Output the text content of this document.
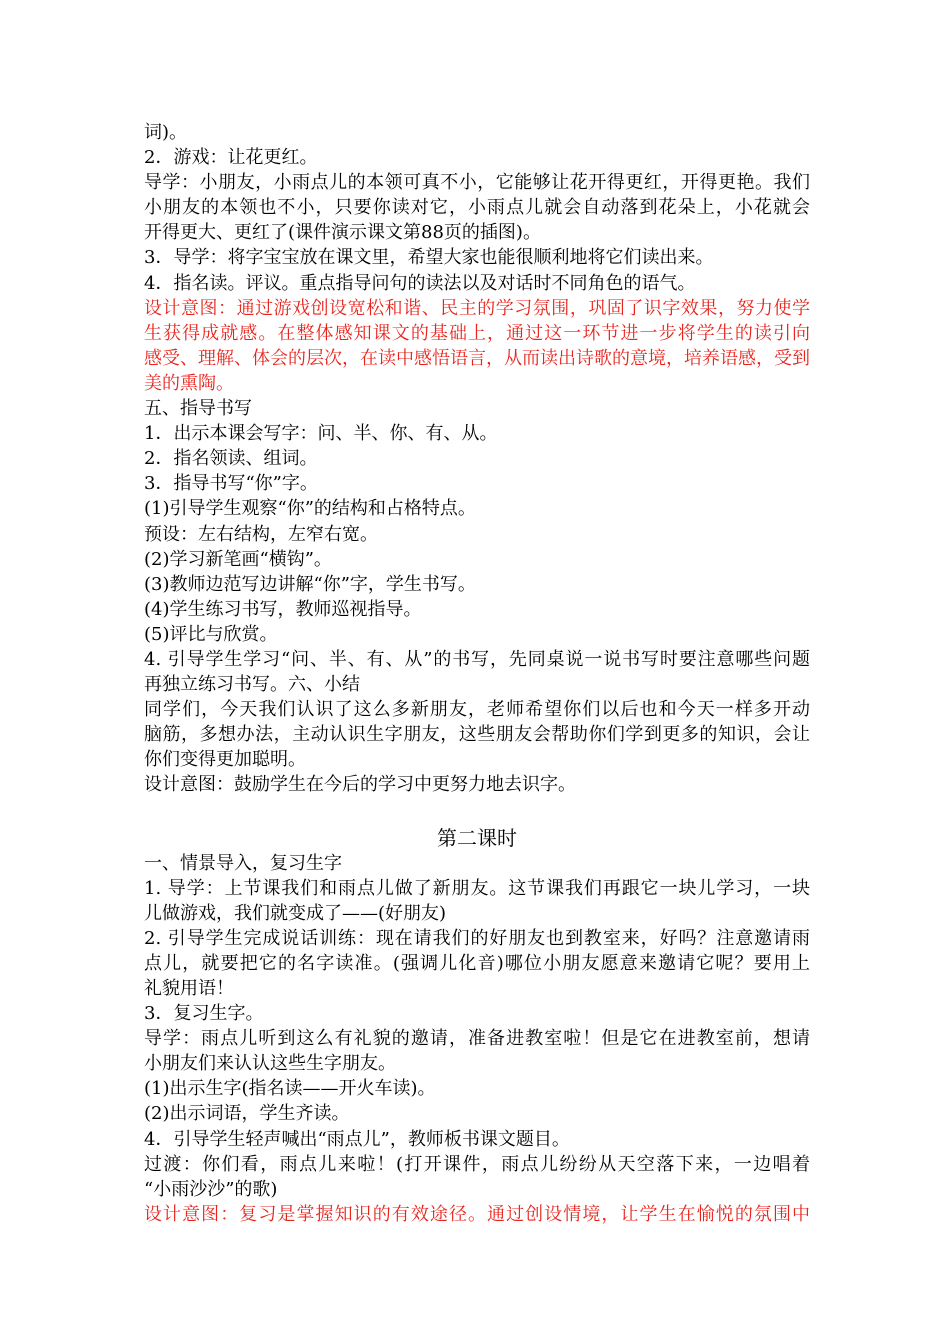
词)。
2．游戏：让花更红。
导学：小朋友，小雨点儿的本领可真不小，它能够让花开得更红，开得更艳。我们
小朋友的本领也不小，只要你读对它，小雨点儿就会自动落到花朵上，小花就会
开得更大、更红了(课件演示课文第88页的插图)。
3．导学：将字宝宝放在课文里，希望大家也能很顺利地将它们读出来。
4．指名读。评议。重点指导问句的读法以及对话时不同角色的语气。
设计意图：通过游戏创设宽松和谐、民主的学习氛围，巩固了识字效果，努力使学
生获得成就感。在整体感知课文的基础上，通过这一环节进一步将学生的读引向
感受、理解、体会的层次，在读中感悟语言，从而读出诗歌的意境，培养语感，受到
美的熏陶。
五、指导书写
1．出示本课会写字：问、半、你、有、从。
2．指名领读、组词。
3．指导书写“你”字。
(1)引导学生观察“你”的结构和占格特点。
预设：左右结构，左窄右宽。
(2)学习新笔画“横钩”。
(3)教师边范写边讲解“你”字，学生书写。
(4)学生练习书写，教师巡视指导。
(5)评比与欣赏。
4. 引导学生学习“问、半、有、从”的书写，先同桌说一说书写时要注意哪些问题
再独立练习书写。六、小结
同学们，今天我们认识了这么多新朋友，老师希望你们以后也和今天一样多开动
脑筋，多想办法，主动认识生字朋友，这些朋友会帮助你们学到更多的知识，会让
你们变得更加聪明。
设计意图：鼓励学生在今后的学习中更努力地去识字。
第二课时
一、情景导入，复习生字
1. 导学：上节课我们和雨点儿做了新朋友。这节课我们再跟它一块儿学习，一块
儿做游戏，我们就变成了——(好朋友)
2. 引导学生完成说话训练：现在请我们的好朋友也到教室来，好吗？注意邀请雨
点儿，就要把它的名字读准。(强调儿化音)哪位小朋友愿意来邀请它呢？要用上
礼貌用语！
3．复习生字。
导学：雨点儿听到这么有礼貌的邀请，准备进教室啦！但是它在进教室前，想请
小朋友们来认认这些生字朋友。
(1)出示生字(指名读——开火车读)。
(2)出示词语，学生齐读。
4．引导学生轻声喊出“雨点儿”，教师板书课文题目。
过渡：你们看，雨点儿来啦！(打开课件，雨点儿纷纷从天空落下来，一边唱着
“小雨沙沙”的歌)
设计意图：复习是掌握知识的有效途径。通过创设情境，让学生在愉悦的氛围中
